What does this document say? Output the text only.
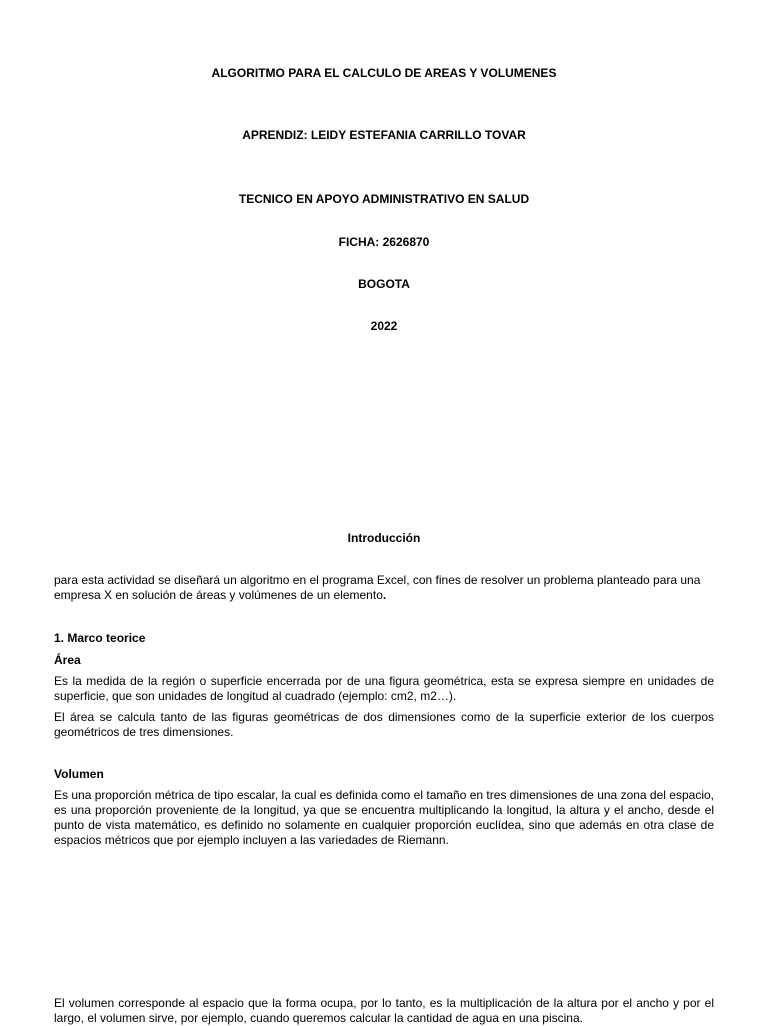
ALGORITMO PARA EL CALCULO DE AREAS Y VOLUMENES

APRENDIZ: LEIDY ESTEFANIA CARRILLO TOVAR

TECNICO EN APOYO ADMINISTRATIVO EN SALUD

FICHA: 2626870

BOGOTA

2022

Introducción

para esta actividad se diseñará un algoritmo en el programa Excel, con fines de resolver un problema planteado para una empresa X en solución de áreas y volúmenes de un elemento.

1. Marco teorice

Área

Es la medida de la región o superficie encerrada por de una figura geométrica, esta se expresa siempre en unidades de superficie, que son unidades de longitud al cuadrado (ejemplo: cm2, m2…).

El área se calcula tanto de las figuras geométricas de dos dimensiones como de la superficie exterior de los cuerpos geométricos de tres dimensiones.

Volumen

Es una proporción métrica de tipo escalar, la cual es definida como el tamaño en tres dimensiones de una zona del espacio, es una proporción proveniente de la longitud, ya que se encuentra multiplicando la longitud, la altura y el ancho, desde el punto de vista matemático, es definido no solamente en cualquier proporción euclídea, sino que además en otra clase de espacios métricos que por ejemplo incluyen a las variedades de Riemann.

El volumen corresponde al espacio que la forma ocupa, por lo tanto, es la multiplicación de la altura por el ancho y por el largo, el volumen sirve, por ejemplo, cuando queremos calcular la cantidad de agua en una piscina.
